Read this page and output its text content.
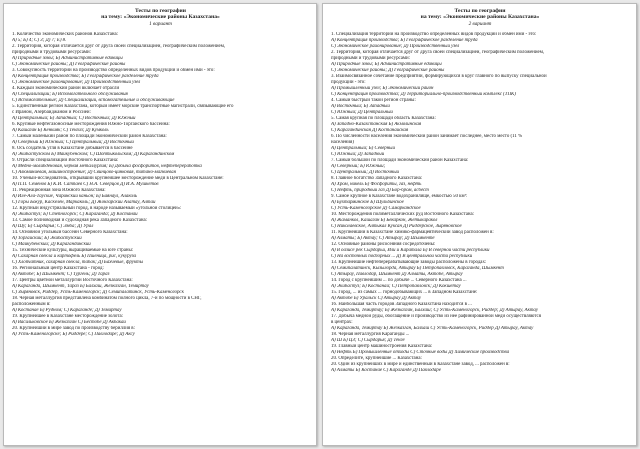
Тесты по географии
на тему: «Экономические районы Казахстана»
1 вариант
1. Количество экономических районов Казахстана:
А) 5; Б) 4; С) 3; Д) 7; Е) 8.
2. Территория, которая отличается друг от друга своей специализацией, географическим положением,
природными и трудовыми ресурсами:
А) Природные зоны; Б) Административные единицы
С) Экономические районы; Д) Географические районы
3. Совокупность территорий на производство определенных видов продукции и обмен ими - это:
А) Концентрация производства; Б) Географическое разделение труда
С) Экономическое районирование; Д) Производственный узел
4. Каждый экономический район включает отрасли
А) Специализации; Б) Вспомогательного обслуживания
С) Вспомогательные; Д) Специализации, вспомогательные и обслуживающие
5. Единственный регион Казахстана, который имеет морские транспортные магистрали, связывающие его
с Ираном, Азербайджаном и Россией:
А) Центральный; Б) Западный; С) Восточный; Д) Южный
6. Крупные нефтегазоносные месторождения Южно-Торгайского бассейна:
А) Кашаган Б) Кенкияк; С) Тенгиз; Д) Кумколь
7. Самый маленький район по площади экономический район Казахстана:
А) Северный Б) Южный; С) Центральный; Д) Восточный
8. Ось создатель угля в Казахстане добывается в бассейне
А) Экибастузском Б) Майкубенском; С) Шоптыкольском; Д) Карагандинском
9. Отрасли специализации Восточного Казахстана:
А) Медно-молибденовая, черная металлургия; Б) Добыча фосфоритов, нефтепереработка
С) Алюминиевая, машиностроение; Д) Свинцово-цинковая, титано-магниевая
10. Ученый-исследователь, открывший крупнейшее месторождение меди в Центральном Казахстане:
А) П.П. Семенов Б) К.И. Сатпаев С) Н.А. Северцов Д) И.А. Мушкетов
11. Рекреационная зона Южного Казахстана:
А) Иле-Ала-Тауские, Чаринский каньон; Б) Баянаул, Алаколь
С) Горы Бокур, Каскелен, Маркаколь; Д) Жонгарский Алатау, Алтай
12. Крупный индустриальный город, в народе называемый «угольной столицей»:
А) Экибастуз; Б) Степногорск; С) Караганда; Д) Костанай
13. Самое полноводная и судоходная река Западного Казахстана:
А) Шу; Б) Сырдарья; С) Эмба; Д) Урал
14. Основной угольный бассейн Северного Казахстана:
А) Торгайский; Б) Экибастузский
С) Майкубенский; Д) Карагандинский
15. Технические культуры, выращиваемые на юге страны:
А) Сахарная свекла и картофель Б) Пшеница, рис, кукуруза
С) Хлопчатник, сахарная свекла, табак; Д) Бахчевые, фрукты
16. Региональный центр Казахстана - город:
А) Актобе; Б) Шымкент; С) Тургень; Д) Тараз
17. Центры цветной металлургии Восточного Казахстана:
А) Караганда, Шымкент, Тараз Б) Балхаш, Жезказган, Темиртау
С) Зыряновск, Риддер, Усть-Каменогорск; Д) Семипалатинск, Усть-Каменогорск
18. Черная металлургия представлена комбинатом полного цикла, 7-й по мощности в СНГ,
расположенным в:
А) Костанае Б) Рудном; С) Караганде; Д) Темиртау
19. Крупнейшее в Казахстане месторождение золота:
А) Васильковское Б) Жезказган С) Бестобе Д) Акбакай
20. Крупнейший в мире завод по производству бериллия в:
А) Усть-Каменогорске; Б) Риддере; С) Павлодаре; Д) Аксу
Тесты по географии
на тему: «Экономические районы Казахстана»
2 вариант
1. Специализация территории на производство определенных видов продукции и обмен ими - это:
А) Концентрация производства; Б) Географическое разделение труда
С) Экономическое районирование; Д) Производственный узел
2. Территория, которая отличается друг от друга своей специализацией, географическим положением,
природными и трудовыми ресурсами:
А) Природные зоны; Б) Административные единицы
С) Экономические районы; Д) Географические районы
3. Взаимосвязанное сочетание предприятий, формирующихся в круг главного по выпуску специальной
продукции - это:
А) Промышленный узел; Б) Экономический район
С) Концентрация производства; Д) Территориально-производственный комплекс (ТПК)
4. Самый быстрый такой регион страны:
А) Восточный; Б) Западный
С) Южный; Д) Центральный
5. Самая крупная по площади область Казахстана:
А) Западно-Казахстанская Б) Акмолинская
С) Карагандинская Д) Костанайская
6. По численности населения экономический район занимает последнее, место место (11 %
населения)
А) Центральный; Б) Северный
С) Южный; Д) Западный
7. Самый большой по площади экономический район Казахстана:
А) Северный; Б) Южный;
С) Центральный; Д) Восточный
8. Главное богатство Западного Казахстана:
А) Хром, никель Б) Фосфориты, газ, нефть
С) Нефть, природный газ Д) Бор-бром, асбест
9. Самое крупное в Казахстане водохранилище, емкостью 50 км³:
А) Бухтарминское Б) Шульбинское
С) Усть-Каменогорское Д) Самаркандское
10. Месторождения полиметаллических руд Восточного Казахстана:
А) Жаманкол, Кашаган Б) Бекаркон, Жетыкаракол
С) Николаевское, Алтыкал Куксан Д) Риддерское, Зыряновское
11. Крупнейший в Казахстане химико-фармацевтический завод расположен в:
А) Алматы; Б) Актау; С) Атырау; Д) Шымкенте
12. Основные районы рисосеяния сосредоточены:
А) В оазисе рек Сырдарьи, Или и Каратала Б) В северной части республики
С) На восточных подгорных ... Д) В центральной части республики
13. Крупнейшие нефтеперерабатывающие заводы расположены в городах:
А) Семипалатинск, Кызылорда, Атырау Б) Петропавловск, Караганда, Шымкент
С) Атырау, Павлодар, Шымкент Д) Алматы, Актобе, Атырау
14. Город с крупнейшим ... по добыче ... Северного Казахстана ...
А) Экибастуз; Б) Костанай; С) Петропавловск; Д) Кокшетау
15. Город, ... из самых ... горнодобывающих ... в Западном Казахстане:
А) Актобе Б) Уральск С) Атырау Д) Актау
16. Наибольшая часть городов Западного Казахстана находится в ...
А) Караганда, Темиртау; Б) Жезказган, Балхаш; С) Усть-Каменогорск, Риддер; Д) Атырау, Актау
17. Добыча медной руды, обогащение и производство из нее рафинированной меди осуществляются
в центрах:
А) Караганда, Темиртау Б) Жезказган, Балхаш С) Усть-Каменогорск, Риддер Д) Атырау, Актау
18. Черная металлургия Караганды ...
А) Ш Б) ЦЗ; С) Сырдарья; Д) Тенге
19. Главный центр машиностроения Казахстана:
А) Нефть Б) Промышленные отходы С) Сточные воды Д) Химические производства
20. Определите, крупнейшие ... Казахстана:
20. Один из крупнейших в мире и единственный в Казахстане завод, ... расположен в:
А) Алматы Б) Костанае С) Караганде Д) Павлодаре
